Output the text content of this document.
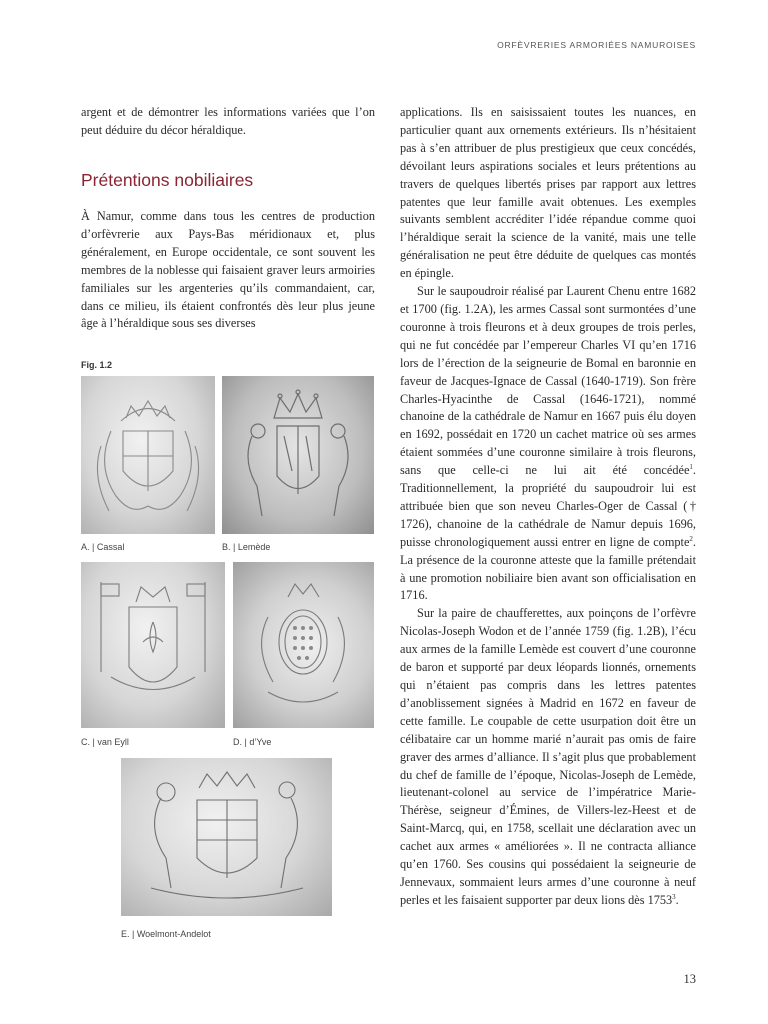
ORFÈVRERIES ARMORIÉES NAMUROISES

argent et de démontrer les informations variées que l’on peut déduire du décor héraldique.

Prétentions nobiliaires

À Namur, comme dans tous les centres de production d’orfèvrerie aux Pays-Bas méridionaux et, plus généralement, en Europe occidentale, ce sont souvent les membres de la noblesse qui faisaient graver leurs armoiries familiales sur les argenteries qu’ils commandaient, car, dans ce milieu, ils étaient confrontés dès leur plus jeune âge à l’héraldique sous ses diverses

Fig. 1.2
A. | Cassal	B. | Lemède
C. | van Eyll	D. | d’Yve
E. | Woelmont-Andelot

applications. Ils en saisissaient toutes les nuances, en particulier quant aux ornements extérieurs. Ils n’hésitaient pas à s’en attribuer de plus prestigieux que ceux concédés, dévoilant leurs aspirations sociales et leurs prétentions au travers de quelques libertés prises par rapport aux lettres patentes que leur famille avait obtenues. Les exemples suivants semblent accréditer l’idée répandue comme quoi l’héraldique serait la science de la vanité, mais une telle généralisation ne peut être déduite de quelques cas montés en épingle.

Sur le saupoudroir réalisé par Laurent Chenu entre 1682 et 1700 (fig. 1.2A), les armes Cassal sont surmontées d’une couronne à trois fleurons et à deux groupes de trois perles, qui ne fut concédée par l’empereur Charles VI qu’en 1716 lors de l’érection de la seigneurie de Bomal en baronnie en faveur de Jacques-Ignace de Cassal (1640-1719). Son frère Charles-Hyacinthe de Cassal (1646-1721), nommé chanoine de la cathédrale de Namur en 1667 puis élu doyen en 1692, possédait en 1720 un cachet matrice où ses armes étaient sommées d’une couronne similaire à trois fleurons, sans que celle-ci ne lui ait été concédée$^1$. Traditionnellement, la propriété du saupoudroir lui est attribuée bien que son neveu Charles-Oger de Cassal († 1726), chanoine de la cathédrale de Namur depuis 1696, puisse chronologiquement aussi entrer en ligne de compte$^2$. La présence de la couronne atteste que la famille prétendait à une promotion nobiliaire bien avant son officialisation en 1716.

Sur la paire de chaufferettes, aux poinçons de l’orfèvre Nicolas-Joseph Wodon et de l’année 1759 (fig. 1.2B), l’écu aux armes de la famille Lemède est couvert d’une couronne de baron et supporté par deux léopards lionnés, ornements qui n’étaient pas compris dans les lettres patentes d’anoblissement signées à Madrid en 1672 en faveur de cette famille. Le coupable de cette usurpation doit être un célibataire car un homme marié n’aurait pas omis de faire graver des armes d’alliance. Il s’agit plus que probablement du chef de famille de l’époque, Nicolas-Joseph de Lemède, lieutenant-colonel au service de l’impératrice Marie-Thérèse, seigneur d’Émines, de Villers-lez-Heest et de Saint-Marcq, qui, en 1758, scellait une déclaration avec un cachet aux armes « améliorées ». Il ne contracta alliance qu’en 1760. Ses cousins qui possédaient la seigneurie de Jennevaux, sommaient leurs armes d’une couronne à neuf perles et les faisaient supporter par deux lions dès 1753$^3$.

13
